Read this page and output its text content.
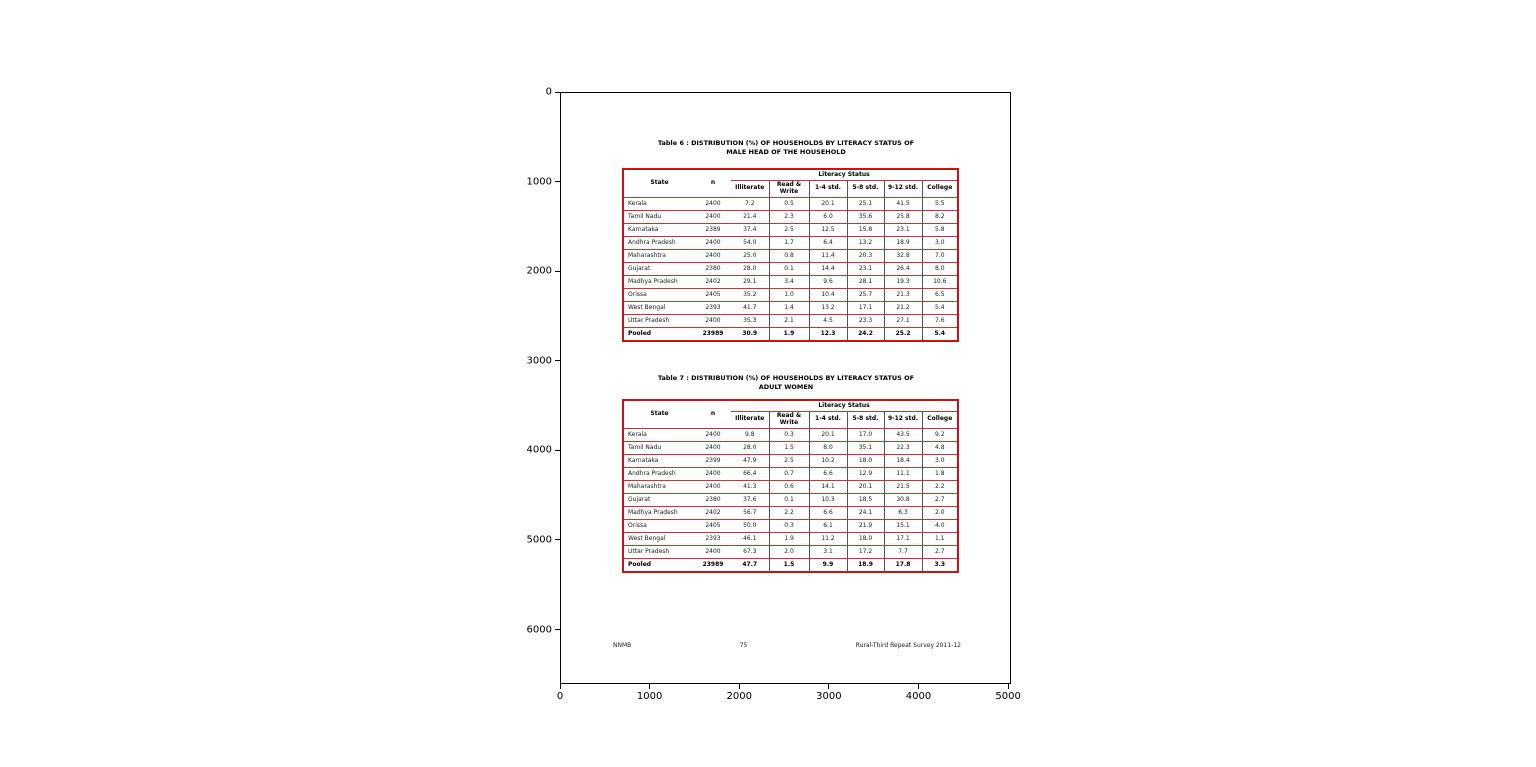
Table 6 : DISTRIBUTION (%) OF HOUSEHOLDS BY LITERACY STATUS OF
MALE HEAD OF THE HOUSEHOLD
State	n	Literacy Status					
		Illiterate	Read & Write	1-4 std.	5-8 std.	9-12 std.	College
Kerala	2400	7.2	0.5	20.1	25.1	41.5	5.5
Tamil Nadu	2400	21.4	2.3	6.0	35.6	25.8	8.2
Karnataka	2389	37.4	2.5	12.5	15.8	23.1	5.8
Andhra Pradesh	2400	54.0	1.7	6.4	13.2	18.9	3.0
Maharashtra	2400	25.0	0.8	11.4	20.3	32.8	7.0
Gujarat	2380	28.0	0.1	14.4	23.1	26.4	8.0
Madhya Pradesh	2402	29.1	3.4	9.6	28.1	19.3	10.6
Orissa	2405	35.2	1.0	10.4	25.7	21.3	6.5
West Bengal	2393	41.7	1.4	13.2	17.1	21.2	5.4
Uttar Pradesh	2400	35.3	2.1	4.5	23.3	27.1	7.6
Pooled	23989	30.9	1.9	12.3	24.2	25.2	5.4
Table 7 : DISTRIBUTION (%) OF HOUSEHOLDS BY LITERACY STATUS OF
ADULT WOMEN
State	n	Literacy Status					
		Illiterate	Read & Write	1-4 std.	5-8 std.	9-12 std.	College
Kerala	2400	9.8	0.3	20.1	17.0	43.5	9.2
Tamil Nadu	2400	28.0	1.5	8.0	35.1	22.3	4.8
Karnataka	2399	47.9	2.5	10.2	18.0	18.4	3.0
Andhra Pradesh	2400	66.4	0.7	6.6	12.9	11.1	1.8
Maharashtra	2400	41.3	0.6	14.1	20.1	21.5	2.2
Gujarat	2380	37.6	0.1	10.3	18.5	30.8	2.7
Madhya Pradesh	2402	56.7	2.2	6.6	24.1	6.3	2.0
Orissa	2405	50.0	0.3	6.1	21.9	15.1	4.0
West Bengal	2393	46.1	1.9	11.2	18.0	17.1	1.1
Uttar Pradesh	2400	67.3	2.0	3.1	17.2	7.7	2.7
Pooled	23989	47.7	1.5	9.9	18.9	17.8	3.3
NNMB	75	Rural-Third Repeat Survey 2011-12
0
1000
2000
3000
4000
5000
6000
0	1000	2000	3000	4000	5000
